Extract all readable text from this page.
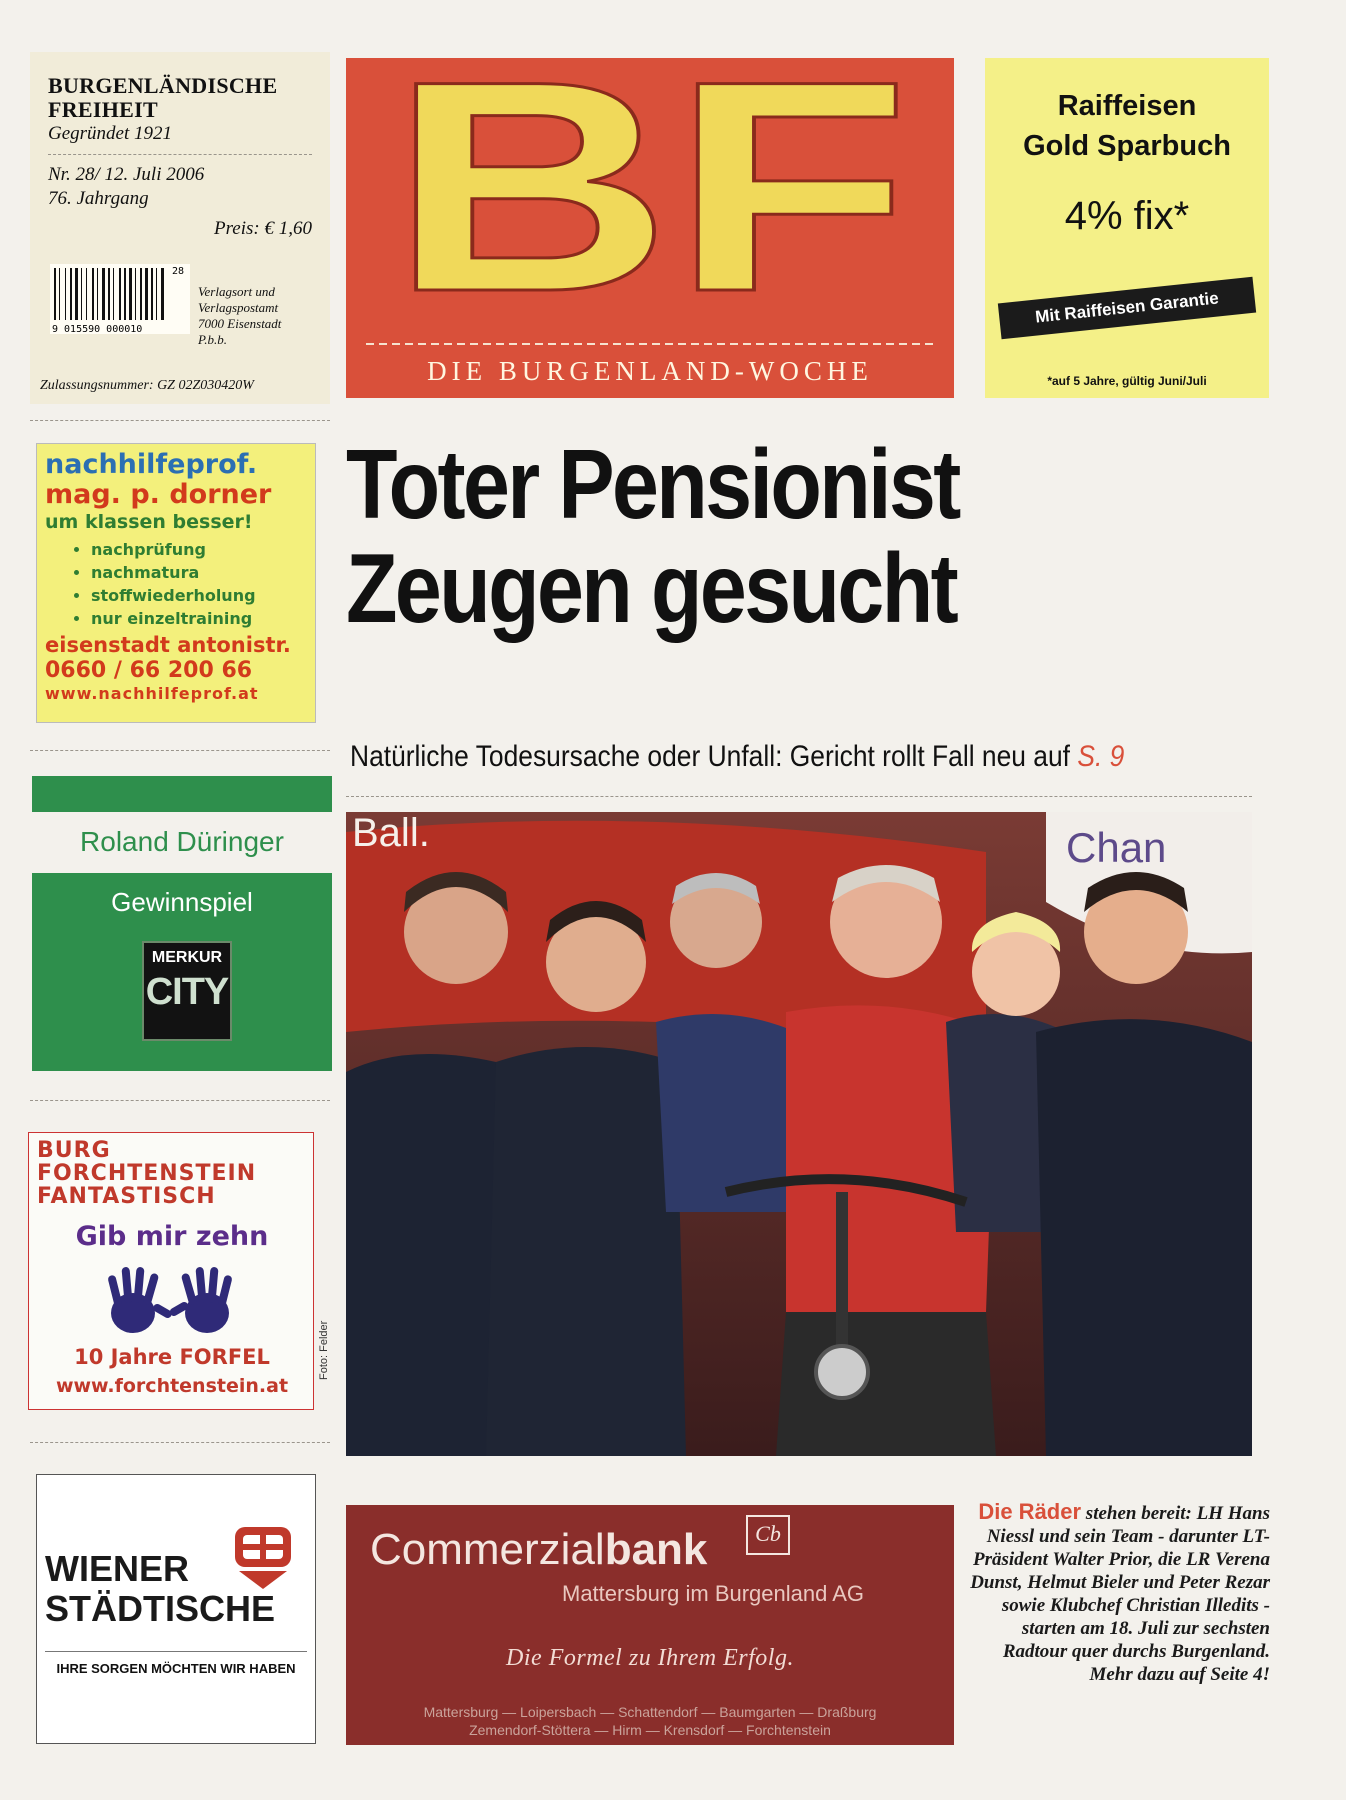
BURGENLÄNDISCHE
FREIHEIT
Gegründet 1921
Nr. 28/ 12. Juli 2006
76. Jahrgang
Preis: € 1,60
9 015590 000010
28
Verlagsort und
Verlagspostamt
7000 Eisenstadt
P.b.b.
Zulassungsnummer: GZ 02Z030420W
BF
DIE BURGENLAND-WOCHE
Raiffeisen
Gold Sparbuch
4% fix*
Mit Raiffeisen Garantie
*auf 5 Jahre, gültig Juni/Juli
nachhilfeprof.
mag. p. dorner
um klassen besser!
• nachprüfung
• nachmatura
• stoffwiederholung
• nur einzeltraining
eisenstadt antonistr.
0660 / 66 200 66
www.nachhilfeprof.at
Roland Düringer
Gewinnspiel
MERKUR
CITY
BURG
FORCHTENSTEIN
FANTASTISCH
Gib mir zehn
10 Jahre FORFEL
www.forchtenstein.at
WIENER
STÄDTISCHE
IHRE SORGEN MÖCHTEN WIR HABEN
Toter Pensionist
Zeugen gesucht
Natürliche Todesursache oder Unfall: Gericht rollt Fall neu auf S. 9
Ball.	Chan
Foto: Felder
Commerzialbank	Cb
Mattersburg im Burgenland AG
Die Formel zu Ihrem Erfolg.
Mattersburg — Loipersbach — Schattendorf — Baumgarten — Draßburg
Zemendorf-Stöttera — Hirm — Krensdorf — Forchtenstein
Die Räder stehen bereit: LH Hans Niessl und sein Team - darunter LT-Präsident Walter Prior, die LR Verena Dunst, Helmut Bieler und Peter Rezar sowie Klubchef Christian Illedits - starten am 18. Juli zur sechsten Radtour quer durchs Burgenland. Mehr dazu auf Seite 4!
